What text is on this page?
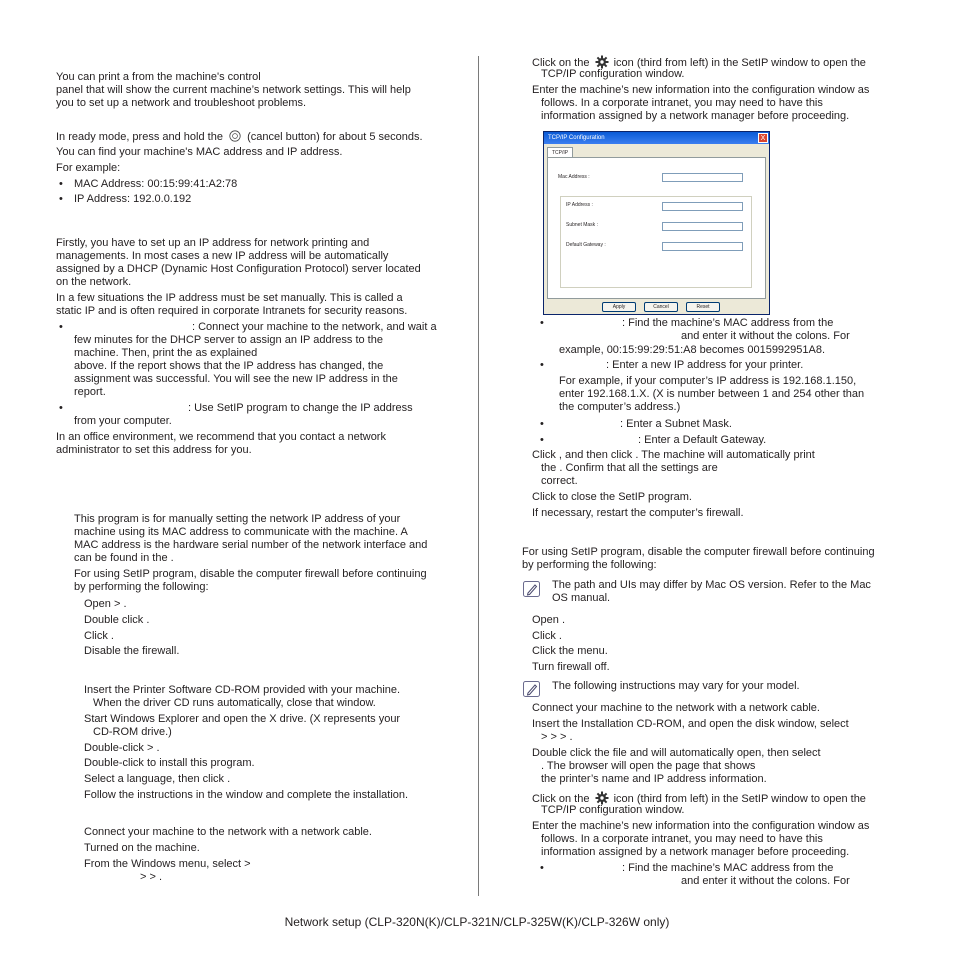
You can print a from the machine's control
panel that will show the current machine’s network settings. This will help
you to set up a network and troubleshoot problems.
In ready mode, press and hold the (cancel button) for about 5 seconds.
You can find your machine's MAC address and IP address.
For example:
• MAC Address: 00:15:99:41:A2:78
• IP Address: 192.0.0.192
Firstly, you have to set up an IP address for network printing and
managements. In most cases a new IP address will be automatically
assigned by a DHCP (Dynamic Host Configuration Protocol) server located
on the network.
In a few situations the IP address must be set manually. This is called a
static IP and is often required in corporate Intranets for security reasons.
•	: Connect your machine to the network, and wait a
few minutes for the DHCP server to assign an IP address to the
machine. Then, print the as explained
above. If the report shows that the IP address has changed, the
assignment was successful. You will see the new IP address in the
report.
•	: Use SetIP program to change the IP address
from your computer.
In an office environment, we recommend that you contact a network
administrator to set this address for you.
This program is for manually setting the network IP address of your
machine using its MAC address to communicate with the machine. A
MAC address is the hardware serial number of the network interface and
can be found in the .
For using SetIP program, disable the computer firewall before continuing
by performing the following:
Open > .
Double click .
Click .
Disable the firewall.
Insert the Printer Software CD-ROM provided with your machine.
When the driver CD runs automatically, close that window.
Start Windows Explorer and open the X drive. (X represents your
CD-ROM drive.)
Double-click > .
Double-click to install this program.
Select a language, then click .
Follow the instructions in the window and complete the installation.
Connect your machine to the network with a network cable.
Turned on the machine.
From the Windows menu, select >
> > .
Click on the icon (third from left) in the SetIP window to open the
TCP/IP configuration window.
Enter the machine’s new information into the configuration window as
follows. In a corporate intranet, you may need to have this
information assigned by a network manager before proceeding.
•	: Find the machine’s MAC address from the
and enter it without the colons. For
example, 00:15:99:29:51:A8 becomes 0015992951A8.
•	: Enter a new IP address for your printer.
For example, if your computer’s IP address is 192.168.1.150,
enter 192.168.1.X. (X is number between 1 and 254 other than
the computer’s address.)
•	: Enter a Subnet Mask.
•	: Enter a Default Gateway.
Click , and then click . The machine will automatically print
the . Confirm that all the settings are
correct.
Click to close the SetIP program.
If necessary, restart the computer’s firewall.
For using SetIP program, disable the computer firewall before continuing
by performing the following:
The path and UIs may differ by Mac OS version. Refer to the Mac
OS manual.
Open .
Click .
Click the menu.
Turn firewall off.
The following instructions may vary for your model.
Connect your machine to the network with a network cable.
Insert the Installation CD-ROM, and open the disk window, select
> > > .
Double click the file and will automatically open, then select
. The browser will open the page that shows
the printer’s name and IP address information.
Click on the icon (third from left) in the SetIP window to open the
TCP/IP configuration window.
Enter the machine’s new information into the configuration window as
follows. In a corporate intranet, you may need to have this
information assigned by a network manager before proceeding.
•	: Find the machine’s MAC address from the
and enter it without the colons. For
TCP/IP Configuration	X
TCP/IP
Mac Address :
IP Address :
Subnet Mask :
Default Gateway :
Apply	Cancel	Reset
Network setup (CLP-320N(K)/CLP-321N/CLP-325W(K)/CLP-326W only)
